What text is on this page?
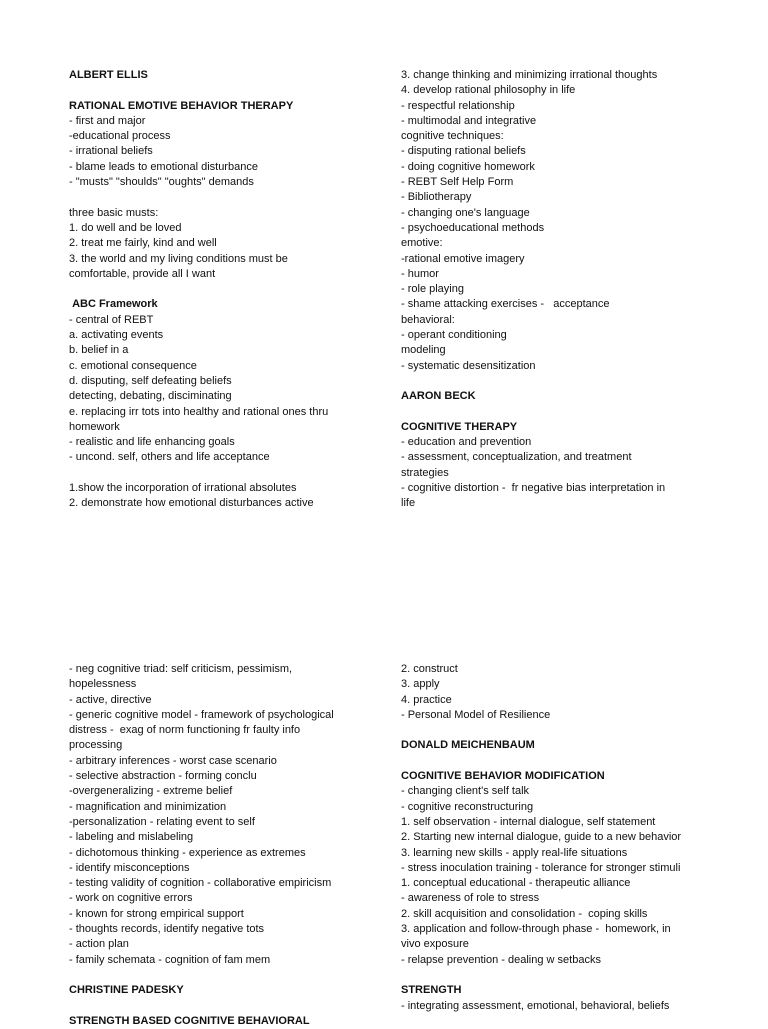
ALBERT ELLIS
RATIONAL EMOTIVE BEHAVIOR THERAPY
- first and major
-educational process
- irrational beliefs
- blame leads to emotional disturbance
- "musts" "shoulds" "oughts" demands
three basic musts:
1. do well and be loved
2. treat me fairly, kind and well
3. the world and my living conditions must be
comfortable, provide all I want
ABC Framework
- central of REBT
a. activating events
b. belief in a
c. emotional consequence
d. disputing, self defeating beliefs
detecting, debating, disciminating
e. replacing irr tots into healthy and rational ones thru
homework
- realistic and life enhancing goals
- uncond. self, others and life acceptance
1.show the incorporation of irrational absolutes
2. demonstrate how emotional disturbances active
3. change thinking and minimizing irrational thoughts
4. develop rational philosophy in life
- respectful relationship
- multimodal and integrative
cognitive techniques:
- disputing rational beliefs
- doing cognitive homework
- REBT Self Help Form
- Bibliotherapy
- changing one's language
- psychoeducational methods
emotive:
-rational emotive imagery
- humor
- role playing
- shame attacking exercises -   acceptance
behavioral:
- operant conditioning
modeling
- systematic desensitization
AARON BECK
COGNITIVE THERAPY
- education and prevention
- assessment, conceptualization, and treatment
strategies
- cognitive distortion -  fr negative bias interpretation in
life
- neg cognitive triad: self criticism, pessimism,
hopelessness
- active, directive
- generic cognitive model - framework of psychological
distress -  exag of norm functioning fr faulty info
processing
- arbitrary inferences - worst case scenario
- selective abstraction - forming conclu
-overgeneralizing - extreme belief
- magnification and minimization
-personalization - relating event to self
- labeling and mislabeling
- dichotomous thinking - experience as extremes
- identify misconceptions
- testing validity of cognition - collaborative empiricism
- work on cognitive errors
- known for strong empirical support
- thoughts records, identify negative tots
- action plan
- family schemata - cognition of fam mem
CHRISTINE PADESKY
STRENGTH BASED COGNITIVE BEHAVIORAL
2. construct
3. apply
4. practice
- Personal Model of Resilience
DONALD MEICHENBAUM
COGNITIVE BEHAVIOR MODIFICATION
- changing client's self talk
- cognitive reconstructuring
1. self observation - internal dialogue, self statement
2. Starting new internal dialogue, guide to a new behavior
3. learning new skills - apply real-life situations
- stress inoculation training - tolerance for stronger stimuli
1. conceptual educational - therapeutic alliance
- awareness of role to stress
2. skill acquisition and consolidation -  coping skills
3. application and follow-through phase -  homework, in
vivo exposure
- relapse prevention - dealing w setbacks
STRENGTH
- integrating assessment, emotional, behavioral, beliefs
